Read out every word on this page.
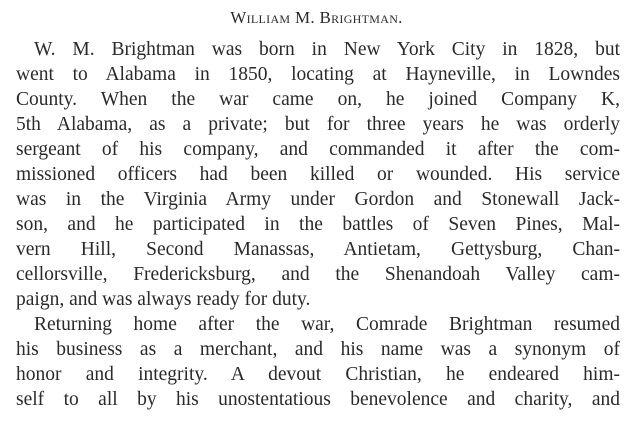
William M. Brightman.
W. M. Brightman was born in New York City in 1828, but
went to Alabama in 1850, locating at Hayneville, in Lowndes
County. When the war came on, he joined Company K,
5th Alabama, as a private; but for three years he was orderly
sergeant of his company, and commanded it after the com-
missioned officers had been killed or wounded. His service
was in the Virginia Army under Gordon and Stonewall Jack-
son, and he participated in the battles of Seven Pines, Mal-
vern Hill, Second Manassas, Antietam, Gettysburg, Chan-
cellorsville, Fredericksburg, and the Shenandoah Valley cam-
paign, and was always ready for duty.
Returning home after the war, Comrade Brightman resumed
his business as a merchant, and his name was a synonym of
honor and integrity. A devout Christian, he endeared him-
self to all by his unostentatious benevolence and charity, and
